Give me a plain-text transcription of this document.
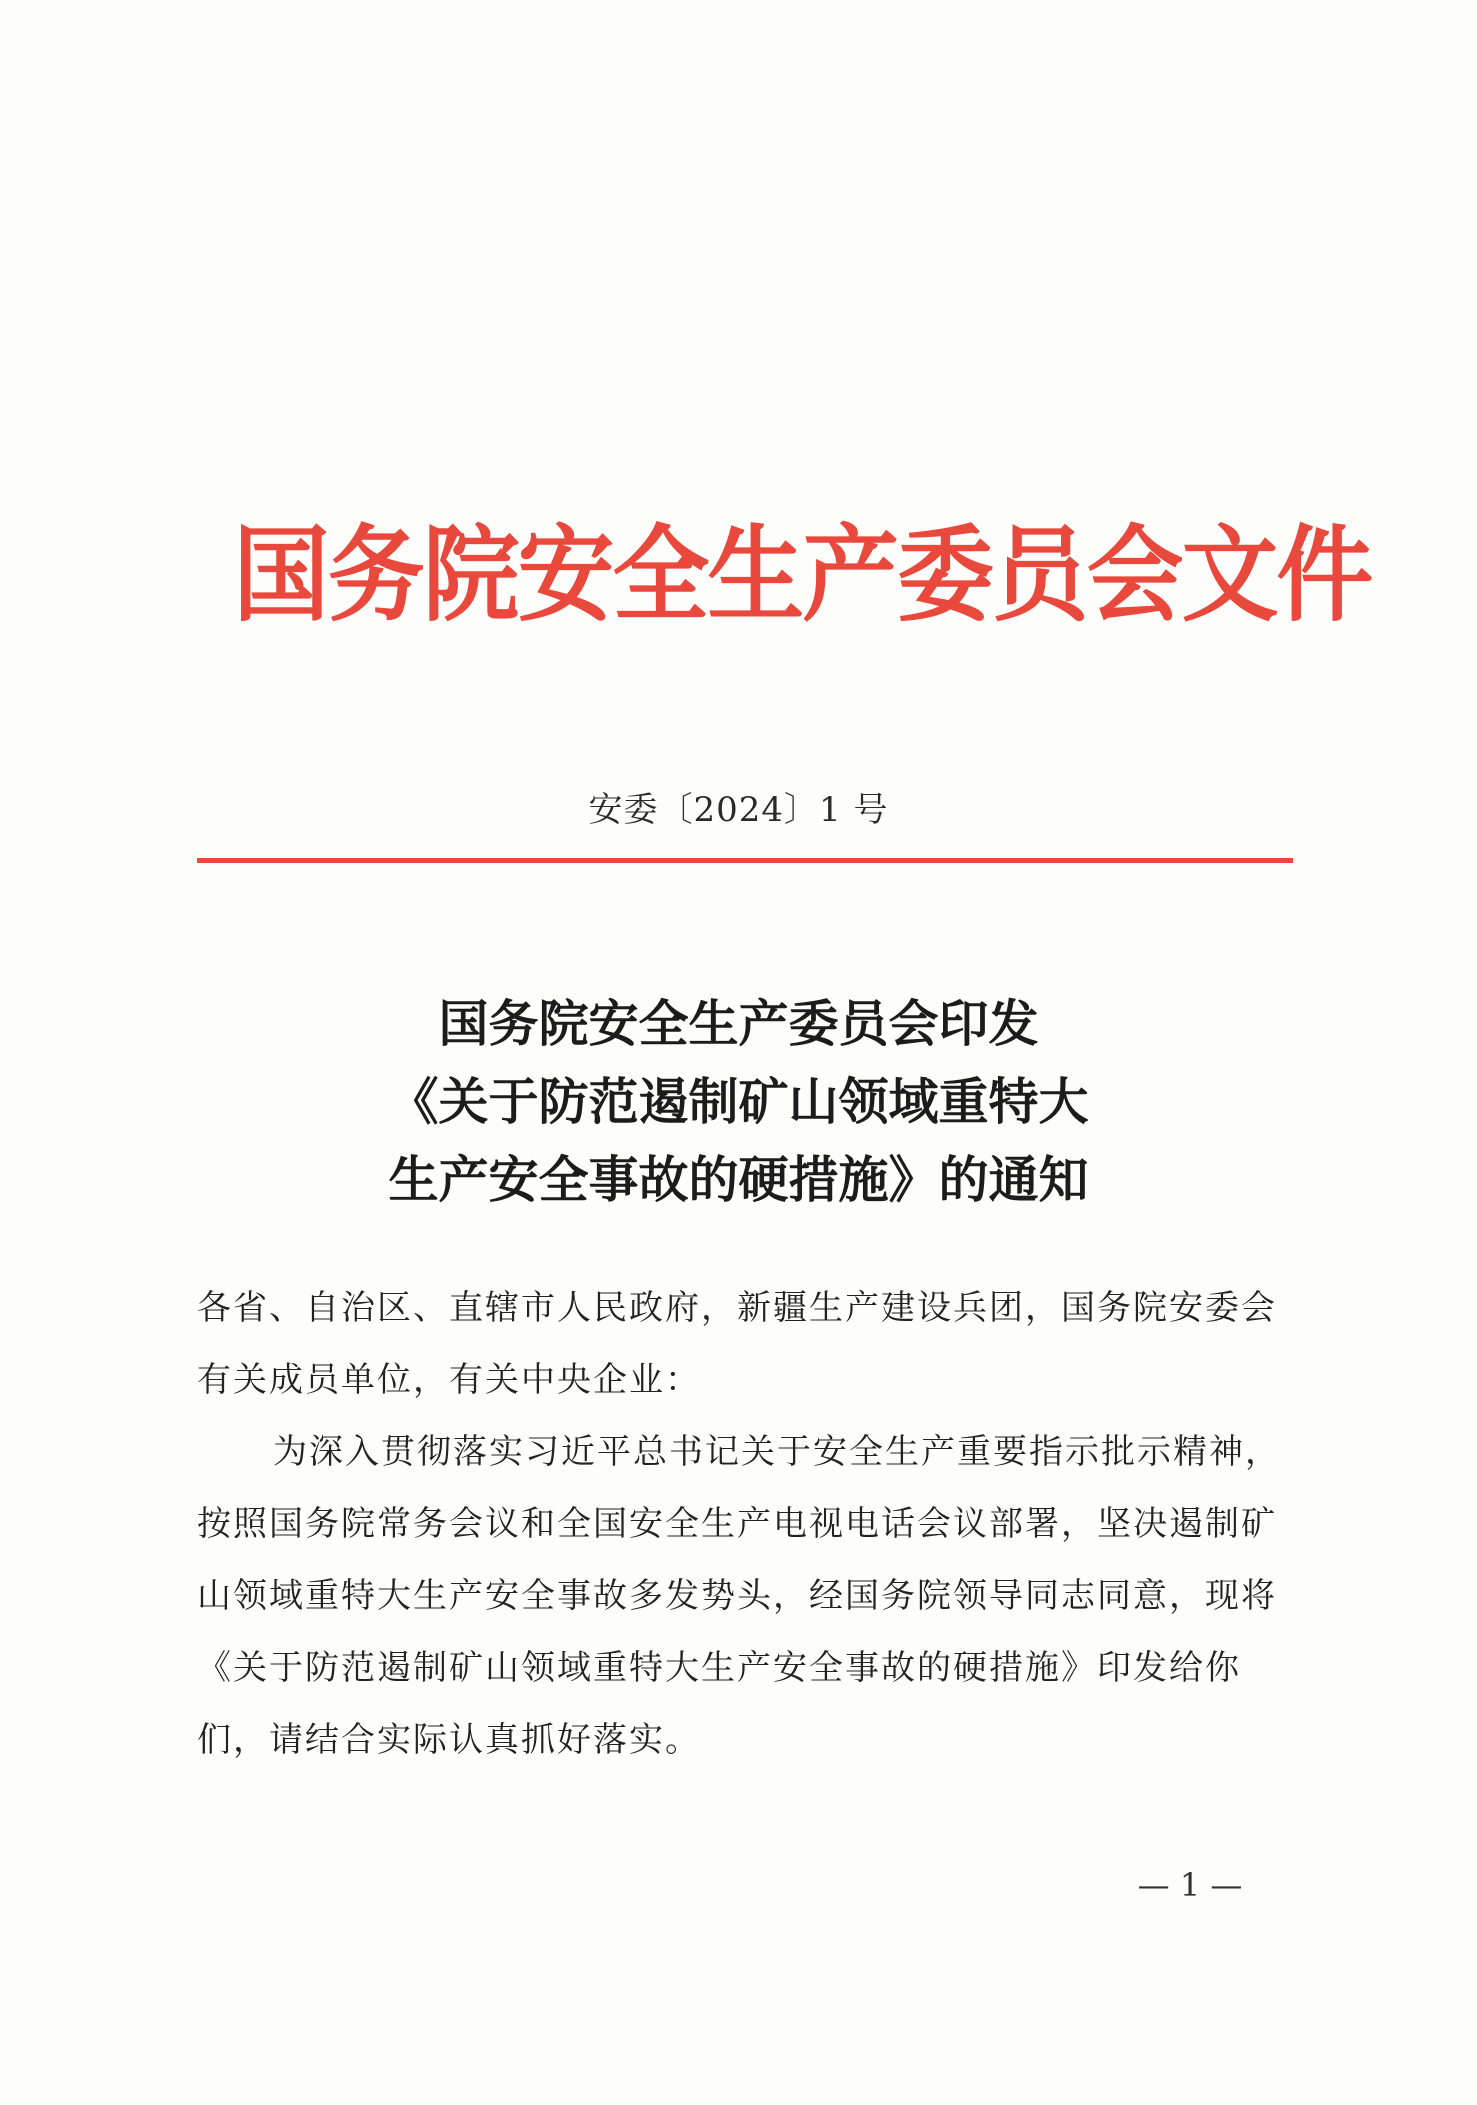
国务院安全生产委员会文件
安委〔2024〕1 号
国务院安全生产委员会印发
《关于防范遏制矿山领域重特大
生产安全事故的硬措施》的通知

各省、自治区、直辖市人民政府，新疆生产建设兵团，国务院安委会有关成员单位，有关中央企业：

为深入贯彻落实习近平总书记关于安全生产重要指示批示精神，按照国务院常务会议和全国安全生产电视电话会议部署，坚决遏制矿山领域重特大生产安全事故多发势头，经国务院领导同志同意，现将《关于防范遏制矿山领域重特大生产安全事故的硬措施》印发给你们，请结合实际认真抓好落实。

— 1 —
